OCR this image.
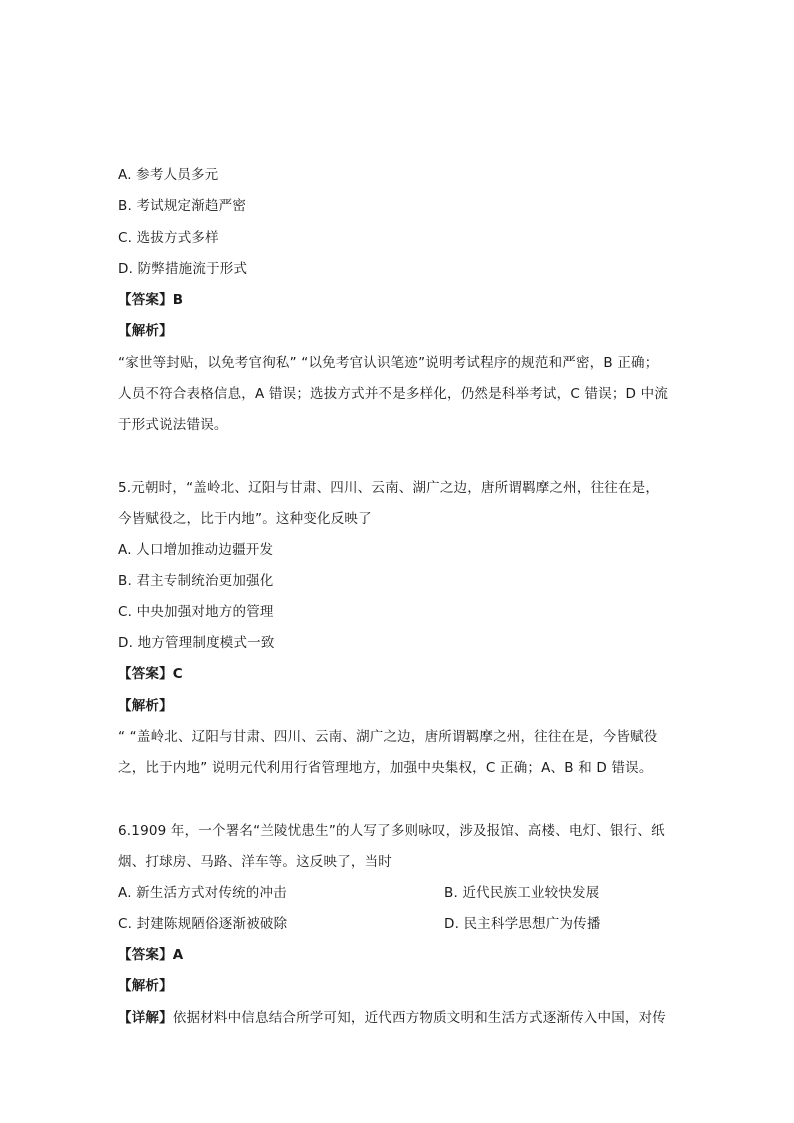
A. 参考人员多元
B. 考试规定渐趋严密
C. 选拔方式多样
D. 防弊措施流于形式
【答案】B
【解析】
“家世等封贴，以免考官徇私” “以免考官认识笔迹”说明考试程序的规范和严密，B 正确；
人员不符合表格信息，A 错误；选拔方式并不是多样化，仍然是科举考试，C 错误；D 中流
于形式说法错误。
5.元朝时，“盖岭北、辽阳与甘肃、四川、云南、湖广之边，唐所谓羁摩之州，往往在是，
今皆赋役之，比于内地”。这种变化反映了
A. 人口增加推动边疆开发
B. 君主专制统治更加强化
C. 中央加强对地方的管理
D. 地方管理制度模式一致
【答案】C
【解析】
“ “盖岭北、辽阳与甘肃、四川、云南、湖广之边，唐所谓羁摩之州，往往在是，今皆赋役
之，比于内地” 说明元代利用行省管理地方，加强中央集权，C 正确；A、B 和 D 错误。
6.1909 年，一个署名“兰陵忧患生”的人写了多则咏叹，涉及报馆、高楼、电灯、银行、纸
烟、打球房、马路、洋车等。这反映了，当时
A. 新生活方式对传统的冲击	B. 近代民族工业较快发展
C. 封建陈规陋俗逐渐被破除	D. 民主科学思想广为传播
【答案】A
【解析】
【详解】依据材料中信息结合所学可知，近代西方物质文明和生活方式逐渐传入中国，对传
